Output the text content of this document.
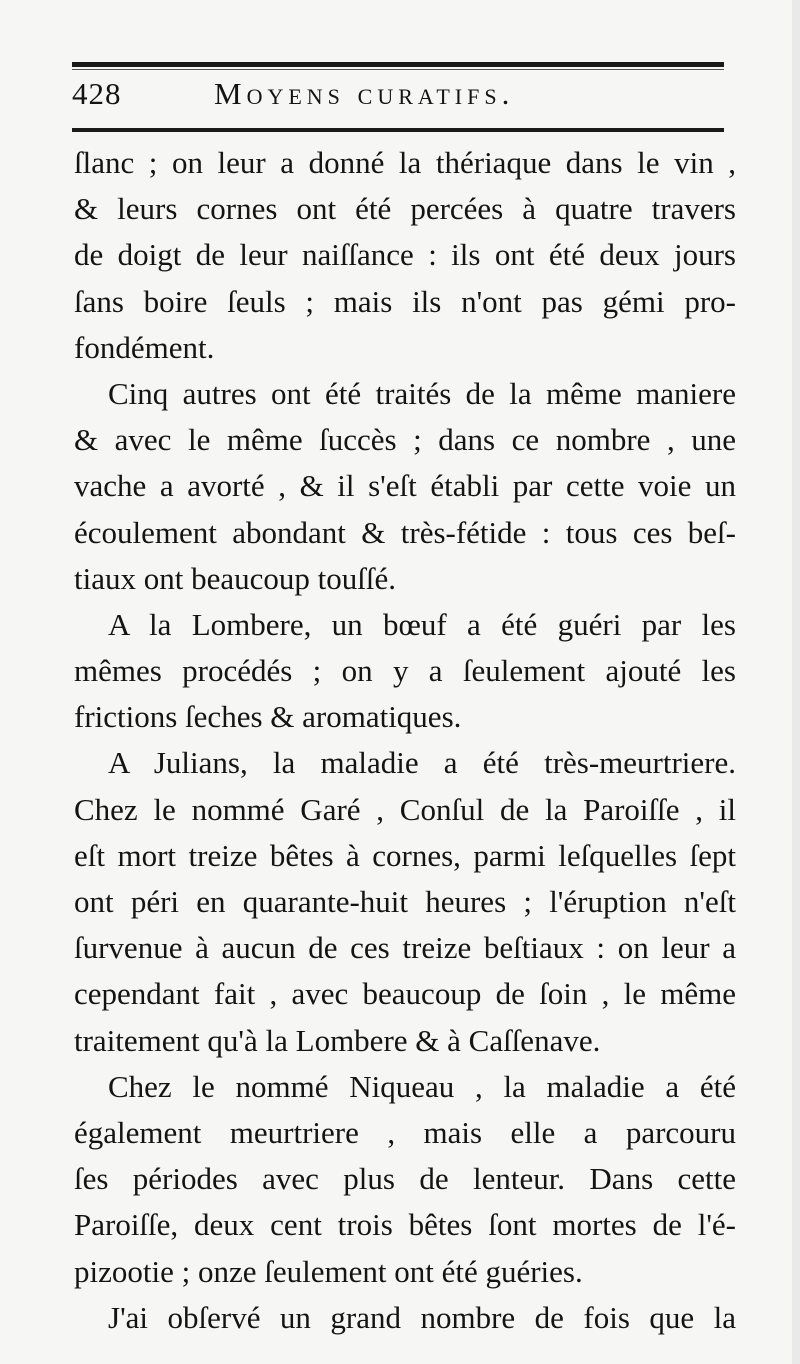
428	Moyens curatifs.
ſlanc ; on leur a donné la thériaque dans le vin ,
& leurs cornes ont été percées à quatre travers
de doigt de leur naiſſance : ils ont été deux jours
ſans boire ſeuls ; mais ils n'ont pas gémi pro-
fondément.
Cinq autres ont été traités de la même maniere
& avec le même ſuccès ; dans ce nombre , une
vache a avorté , & il s'eſt établi par cette voie un
écoulement abondant & très-fétide : tous ces beſ-
tiaux ont beaucoup touſſé.
A la Lombere, un bœuf a été guéri par les
mêmes procédés ; on y a ſeulement ajouté les
frictions ſeches & aromatiques.
A Julians, la maladie a été très-meurtriere.
Chez le nommé Garé , Conſul de la Paroiſſe , il
eſt mort treize bêtes à cornes, parmi leſquelles ſept
ont péri en quarante-huit heures ; l'éruption n'eſt
ſurvenue à aucun de ces treize beſtiaux : on leur a
cependant fait , avec beaucoup de ſoin , le même
traitement qu'à la Lombere & à Caſſenave.
Chez le nommé Niqueau , la maladie a été
également meurtriere , mais elle a parcouru
ſes périodes avec plus de lenteur. Dans cette
Paroiſſe, deux cent trois bêtes ſont mortes de l'é-
pizootie ; onze ſeulement ont été guéries.
J'ai obſervé un grand nombre de fois que la
